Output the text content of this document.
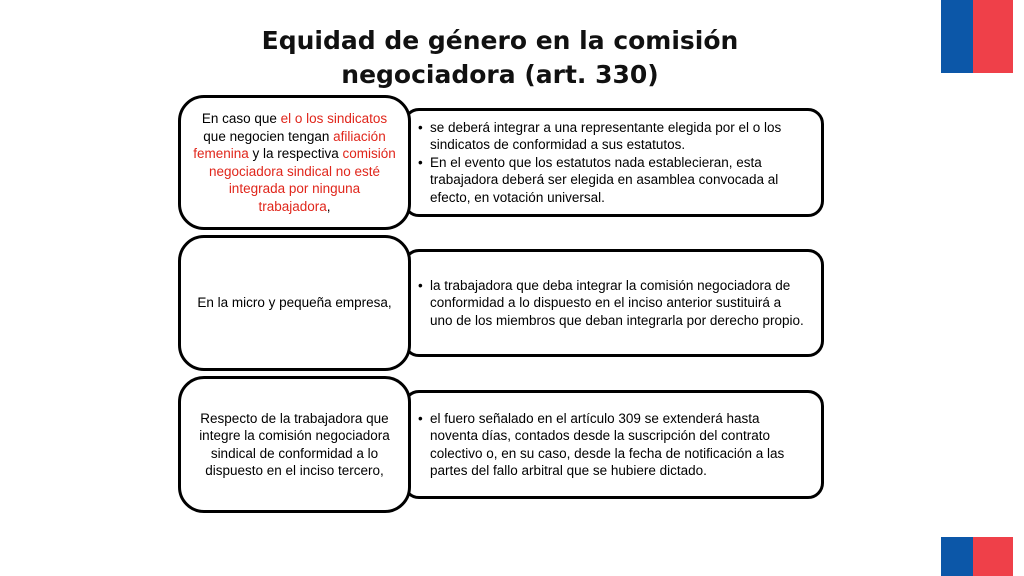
Equidad de género en la comisión negociadora (art. 330)
• se deberá integrar a una representante elegida por el o los sindicatos de conformidad a sus estatutos.
• En el evento que los estatutos nada establecieran, esta trabajadora deberá ser elegida en asamblea convocada al efecto, en votación universal.
En caso que el o los sindicatos que negocien tengan afiliación femenina y la respectiva comisión negociadora sindical no esté integrada por ninguna trabajadora,
• la trabajadora que deba integrar la comisión negociadora de conformidad a lo dispuesto en el inciso anterior sustituirá a uno de los miembros que deban integrarla por derecho propio.
En la micro y pequeña empresa,
• el fuero señalado en el artículo 309 se extenderá hasta noventa días, contados desde la suscripción del contrato colectivo o, en su caso, desde la fecha de notificación a las partes del fallo arbitral que se hubiere dictado.
Respecto de la trabajadora que integre la comisión negociadora sindical de conformidad a lo dispuesto en el inciso tercero,
